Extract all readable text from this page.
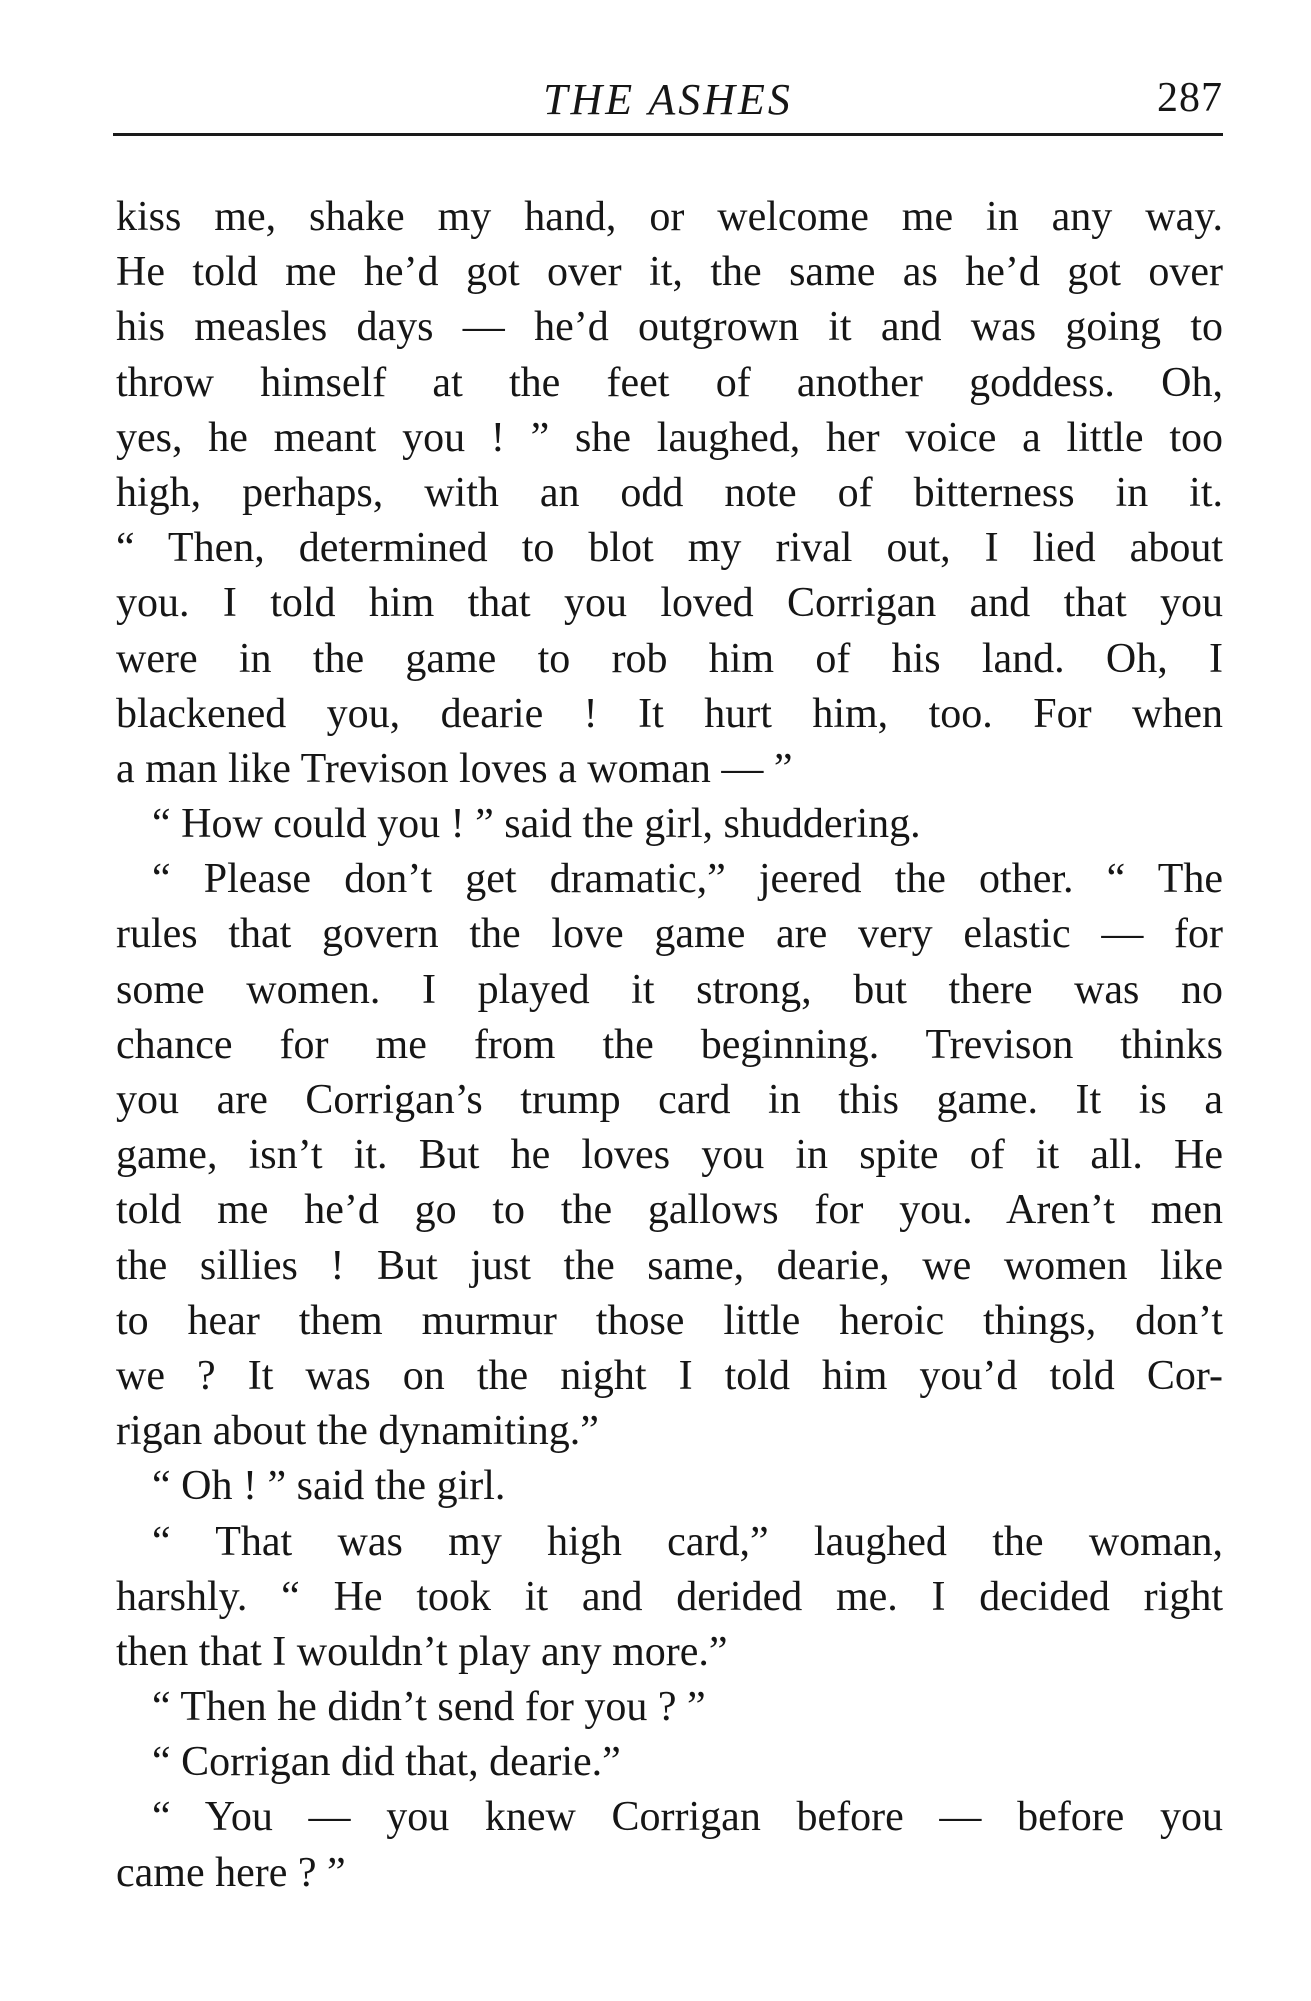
THE ASHES	287
kiss me, shake my hand, or welcome me in any way.
He told me he’d got over it, the same as he’d got over
his measles days — he’d outgrown it and was going to
throw himself at the feet of another goddess. Oh,
yes, he meant you ! ” she laughed, her voice a little too
high, perhaps, with an odd note of bitterness in it.
“ Then, determined to blot my rival out, I lied about
you. I told him that you loved Corrigan and that you
were in the game to rob him of his land. Oh, I
blackened you, dearie ! It hurt him, too. For when
a man like Trevison loves a woman — ”
“ How could you ! ” said the girl, shuddering.
“ Please don’t get dramatic,” jeered the other. “ The
rules that govern the love game are very elastic — for
some women. I played it strong, but there was no
chance for me from the beginning. Trevison thinks
you are Corrigan’s trump card in this game. It is a
game, isn’t it. But he loves you in spite of it all. He
told me he’d go to the gallows for you. Aren’t men
the sillies ! But just the same, dearie, we women like
to hear them murmur those little heroic things, don’t
we ? It was on the night I told him you’d told Cor-
rigan about the dynamiting.”
“ Oh ! ” said the girl.
“ That was my high card,” laughed the woman,
harshly. “ He took it and derided me. I decided right
then that I wouldn’t play any more.”
“ Then he didn’t send for you ? ”
“ Corrigan did that, dearie.”
“ You — you knew Corrigan before — before you
came here ? ”
